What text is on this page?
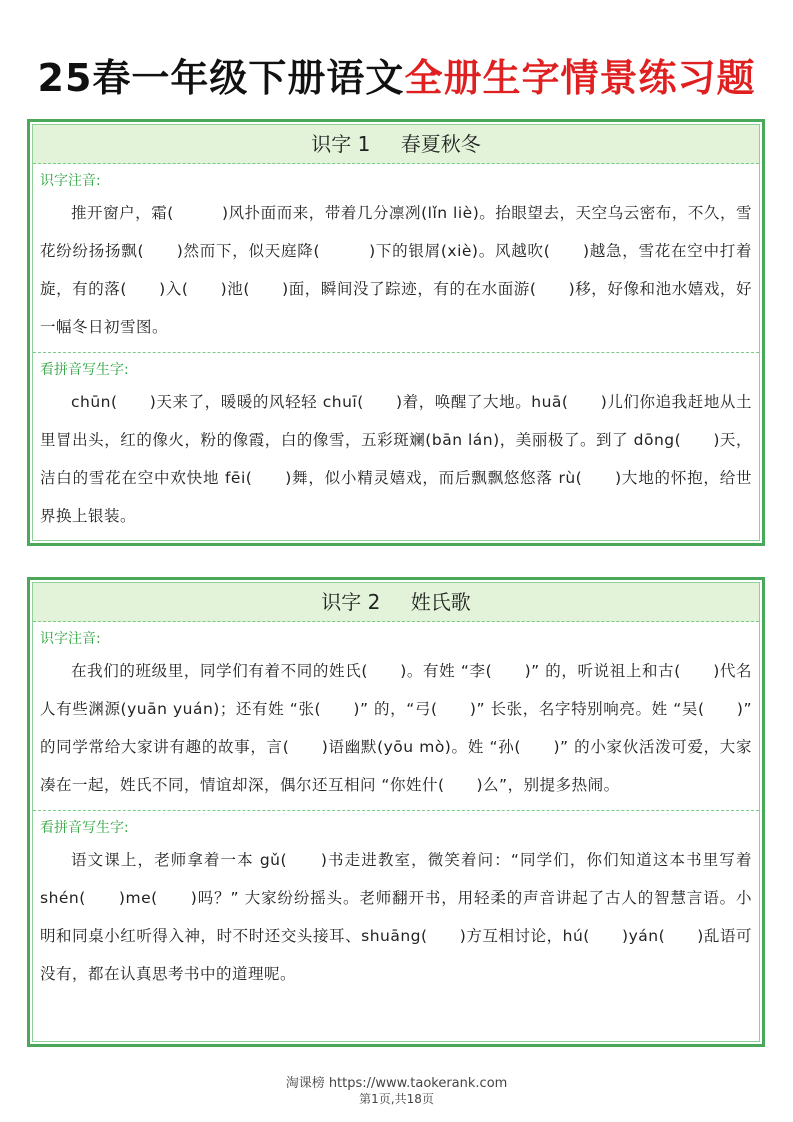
25春一年级下册语文全册生字情景练习题
识字 1 春夏秋冬
识字注音:
推开窗户，霜(　　　)风扑面而来，带着几分凛冽(lǐn liè)。抬眼望去，天空乌云密布，不久，雪花纷纷扬扬飘(　　)然而下，似天庭降(　　　)下的银屑(xiè)。风越吹(　　)越急，雪花在空中打着旋，有的落(　　)入(　　)池(　　)面，瞬间没了踪迹，有的在水面游(　　)移，好像和池水嬉戏，好一幅冬日初雪图。
看拼音写生字:
chūn(　　)天来了，暖暖的风轻轻 chuī(　　)着，唤醒了大地。huā(　　)儿们你追我赶地从土里冒出头，红的像火，粉的像霞，白的像雪，五彩斑斓(bān lán)，美丽极了。到了 dōng(　　)天，洁白的雪花在空中欢快地 fēi(　　)舞，似小精灵嬉戏，而后飘飘悠悠落 rù(　　)大地的怀抱，给世界换上银装。
识字 2 姓氏歌
识字注音:
在我们的班级里，同学们有着不同的姓氏(　　)。有姓 “李(　　)” 的，听说祖上和古(　　)代名人有些渊源(yuān yuán)；还有姓 “张(　　)” 的，“弓(　　)” 长张，名字特别响亮。姓 “吴(　　)” 的同学常给大家讲有趣的故事，言(　　)语幽默(yōu mò)。姓 “孙(　　)” 的小家伙活泼可爱，大家凑在一起，姓氏不同，情谊却深，偶尔还互相问 “你姓什(　　)么”，别提多热闹。
看拼音写生字:
语文课上，老师拿着一本 gǔ(　　)书走进教室，微笑着问：“同学们，你们知道这本书里写着 shén(　　)me(　　)吗？” 大家纷纷摇头。老师翻开书，用轻柔的声音讲起了古人的智慧言语。小明和同桌小红听得入神，时不时还交头接耳、shuāng(　　)方互相讨论，hú(　　)yán(　　)乱语可没有，都在认真思考书中的道理呢。
淘课榜 https://www.taokerank.com
第1页,共18页
